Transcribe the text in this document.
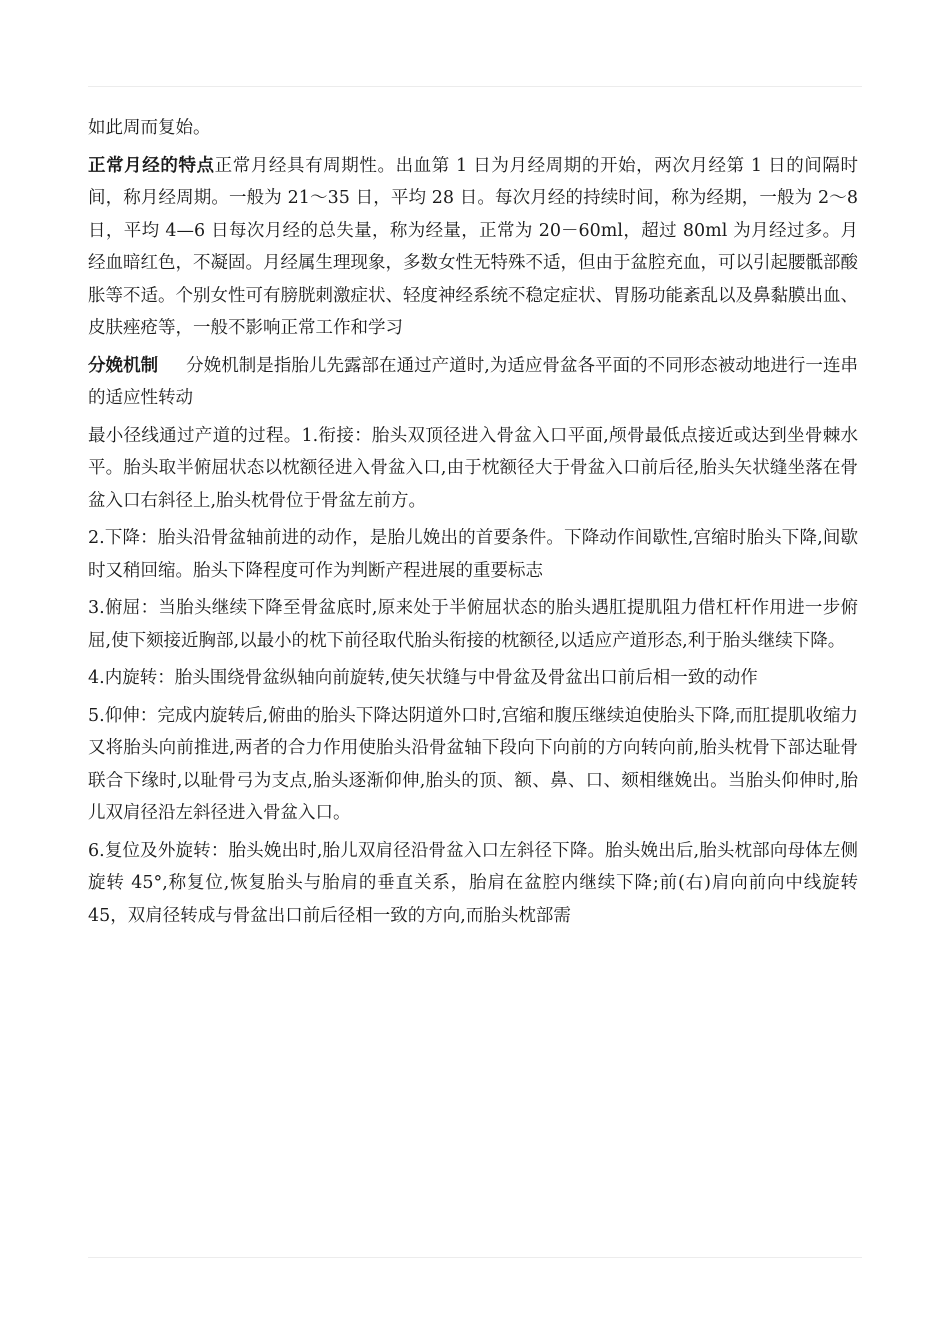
如此周而复始。

正常月经的特点正常月经具有周期性。出血第 1 日为月经周期的开始，两次月经第 1 日的间隔时间，称月经周期。一般为 21～35 日，平均 28 日。每次月经的持续时间，称为经期，一般为 2～8 日，平均 4—6 日每次月经的总失量，称为经量，正常为 20－60ml，超过 80ml 为月经过多。月经血暗红色，不凝固。月经属生理现象，多数女性无特殊不适，但由于盆腔充血，可以引起腰骶部酸胀等不适。个别女性可有膀胱刺激症状、轻度神经系统不稳定症状、胃肠功能紊乱以及鼻黏膜出血、皮肤痤疮等，一般不影响正常工作和学习

分娩机制 分娩机制是指胎儿先露部在通过产道时,为适应骨盆各平面的不同形态被动地进行一连串的适应性转动

最小径线通过产道的过程。1.衔接：胎头双顶径进入骨盆入口平面,颅骨最低点接近或达到坐骨棘水平。胎头取半俯屈状态以枕额径进入骨盆入口,由于枕额径大于骨盆入口前后径,胎头矢状缝坐落在骨盆入口右斜径上,胎头枕骨位于骨盆左前方。

2.下降：胎头沿骨盆轴前进的动作，是胎儿娩出的首要条件。下降动作间歇性,宫缩时胎头下降,间歇时又稍回缩。胎头下降程度可作为判断产程进展的重要标志

3.俯屈：当胎头继续下降至骨盆底时,原来处于半俯屈状态的胎头遇肛提肌阻力借杠杆作用进一步俯屈,使下颏接近胸部,以最小的枕下前径取代胎头衔接的枕额径,以适应产道形态,利于胎头继续下降。

4.内旋转：胎头围绕骨盆纵轴向前旋转,使矢状缝与中骨盆及骨盆出口前后相一致的动作

5.仰伸：完成内旋转后,俯曲的胎头下降达阴道外口时,宫缩和腹压继续迫使胎头下降,而肛提肌收缩力又将胎头向前推进,两者的合力作用使胎头沿骨盆轴下段向下向前的方向转向前,胎头枕骨下部达耻骨联合下缘时,以耻骨弓为支点,胎头逐渐仰伸,胎头的顶、额、鼻、口、颏相继娩出。当胎头仰伸时,胎儿双肩径沿左斜径进入骨盆入口。

6.复位及外旋转：胎头娩出时,胎儿双肩径沿骨盆入口左斜径下降。胎头娩出后,胎头枕部向母体左侧旋转 45°,称复位,恢复胎头与胎肩的垂直关系，胎肩在盆腔内继续下降;前(右)肩向前向中线旋转 45，双肩径转成与骨盆出口前后径相一致的方向,而胎头枕部需
